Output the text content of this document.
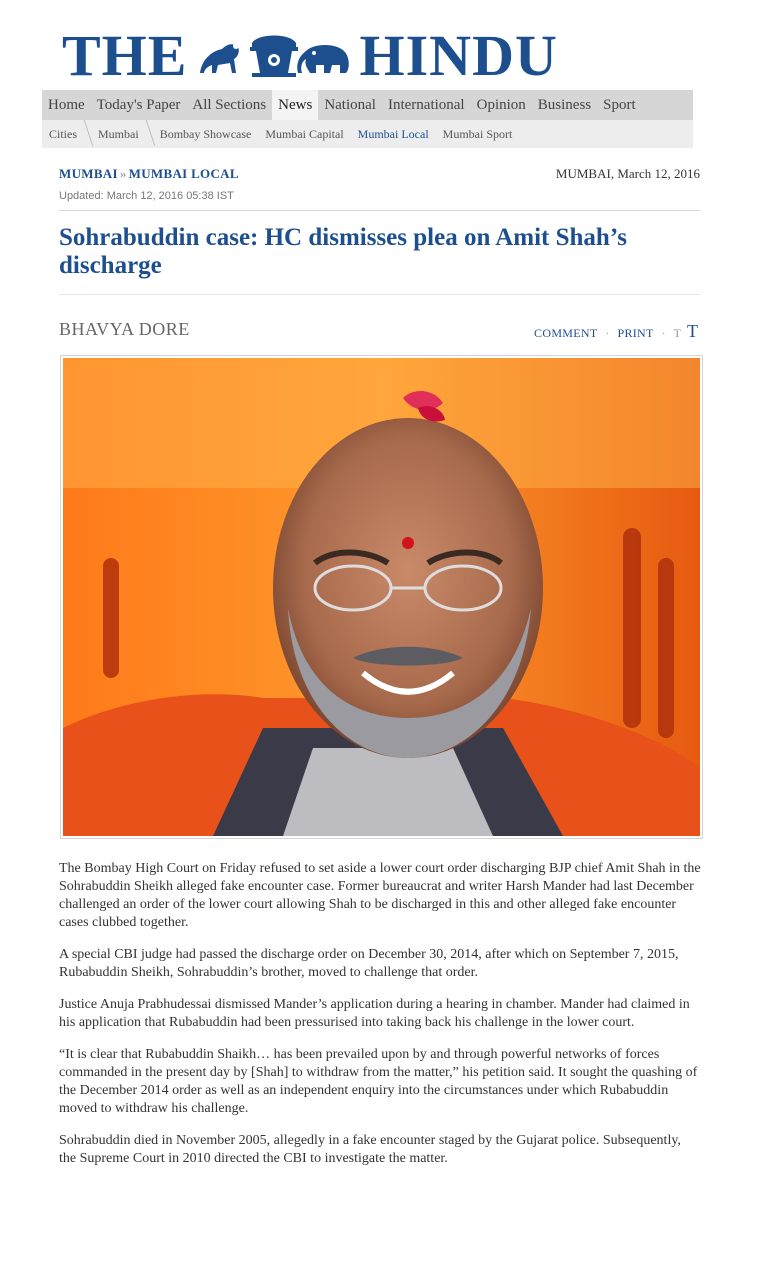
THE	HINDU
Home Today's Paper All Sections News National International Opinion Business Sport
Cities	Mumbai	Bombay Showcase	Mumbai Capital	Mumbai Local	Mumbai Sport
MUMBAI » MUMBAI LOCAL	MUMBAI, March 12, 2016
Updated: March 12, 2016 05:38 IST
Sohrabuddin case: HC dismisses plea on Amit Shah’s discharge
BHAVYA DORE	COMMENT · PRINT · T T

The Bombay High Court on Friday refused to set aside a lower court order discharging BJP chief Amit Shah in the Sohrabuddin Sheikh alleged fake encounter case. Former bureaucrat and writer Harsh Mander had last December challenged an order of the lower court allowing Shah to be discharged in this and other alleged fake encounter cases clubbed together.

A special CBI judge had passed the discharge order on December 30, 2014, after which on September 7, 2015, Rubabuddin Sheikh, Sohrabuddin’s brother, moved to challenge that order.

Justice Anuja Prabhudessai dismissed Mander’s application during a hearing in chamber. Mander had claimed in his application that Rubabuddin had been pressurised into taking back his challenge in the lower court.

“It is clear that Rubabuddin Shaikh… has been prevailed upon by and through powerful networks of forces commanded in the present day by [Shah] to withdraw from the matter,” his petition said. It sought the quashing of the December 2014 order as well as an independent enquiry into the circumstances under which Rubabuddin moved to withdraw his challenge.

Sohrabuddin died in November 2005, allegedly in a fake encounter staged by the Gujarat police. Subsequently, the Supreme Court in 2010 directed the CBI to investigate the matter.
